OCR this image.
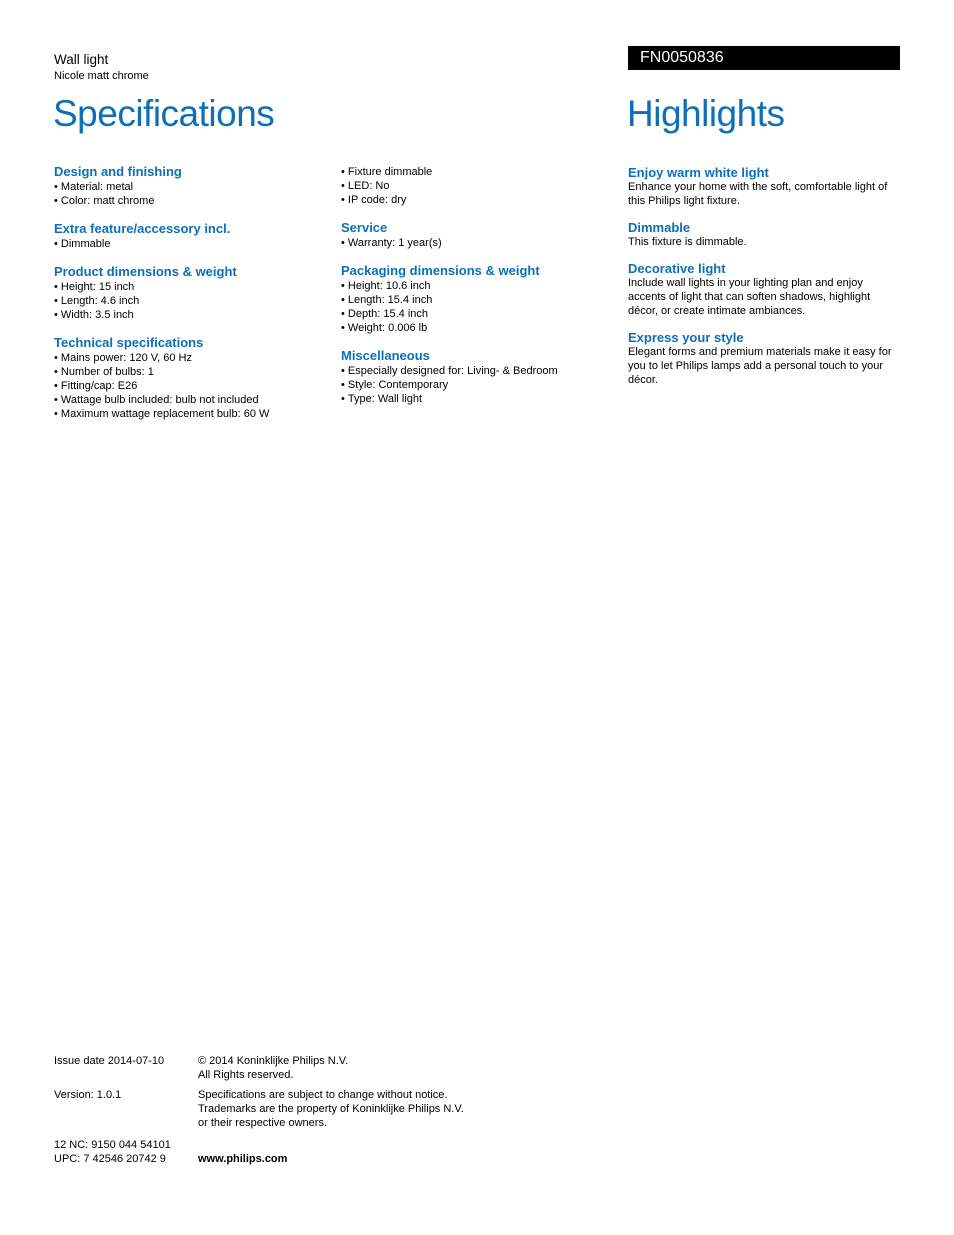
Wall light
Nicole matt chrome
FN0050836
Specifications	Highlights
Design and finishing
• Material: metal
• Color: matt chrome
Extra feature/accessory incl.
• Dimmable
Product dimensions & weight
• Height: 15 inch
• Length: 4.6 inch
• Width: 3.5 inch
Technical specifications
• Mains power: 120 V, 60 Hz
• Number of bulbs: 1
• Fitting/cap: E26
• Wattage bulb included: bulb not included
• Maximum wattage replacement bulb: 60 W
• Fixture dimmable
• LED: No
• IP code: dry
Service
• Warranty: 1 year(s)
Packaging dimensions & weight
• Height: 10.6 inch
• Length: 15.4 inch
• Depth: 15.4 inch
• Weight: 0.006 lb
Miscellaneous
• Especially designed for: Living- & Bedroom
• Style: Contemporary
• Type: Wall light
Enjoy warm white light
Enhance your home with the soft, comfortable light of this Philips light fixture.
Dimmable
This fixture is dimmable.
Decorative light
Include wall lights in your lighting plan and enjoy accents of light that can soften shadows, highlight décor, or create intimate ambiances.
Express your style
Elegant forms and premium materials make it easy for you to let Philips lamps add a personal touch to your décor.
Issue date 2014-07-10	© 2014 Koninklijke Philips N.V.
All Rights reserved.
Version: 1.0.1	Specifications are subject to change without notice.
Trademarks are the property of Koninklijke Philips N.V.
or their respective owners.
12 NC: 9150 044 54101
UPC: 7 42546 20742 9	www.philips.com
